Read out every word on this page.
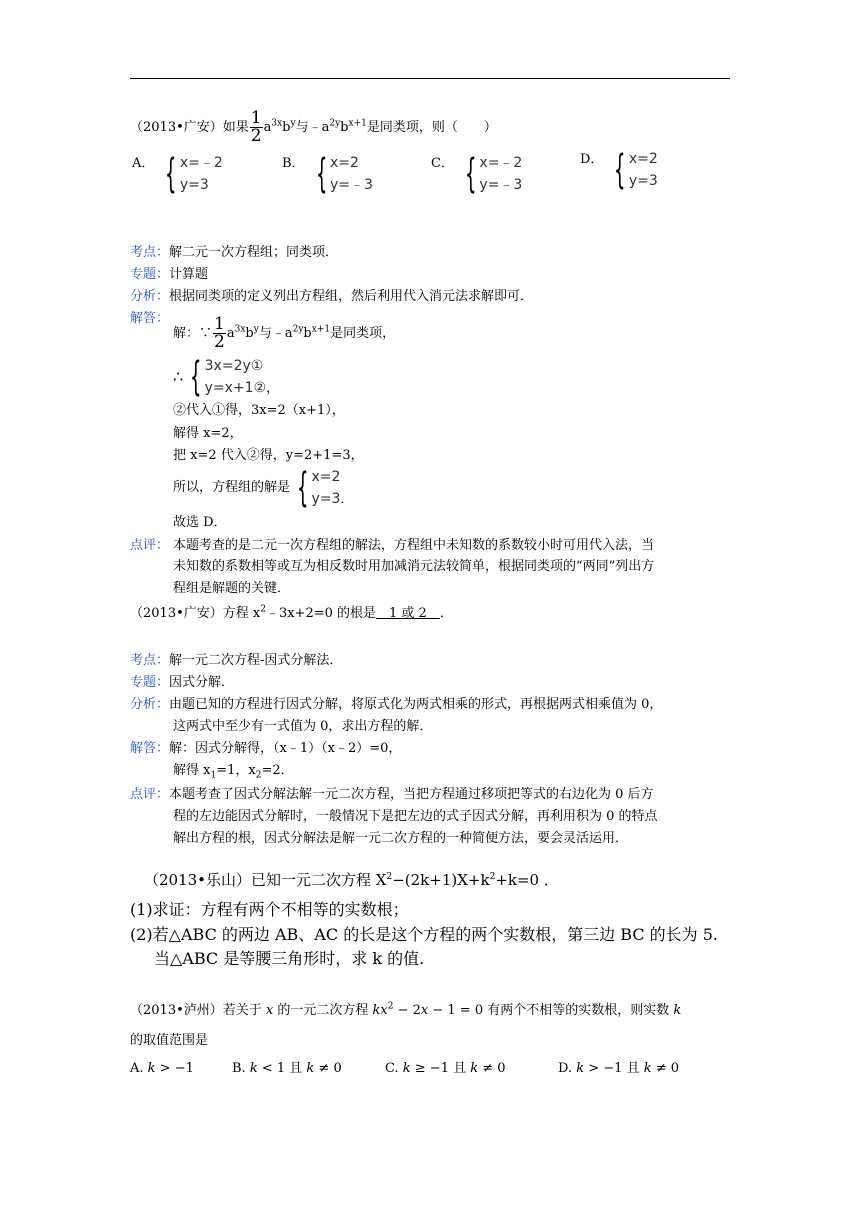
（2013•广安）如果 $\frac{1}{2} a^{3x}b^y$与$﹣a^{2y}b^{x+1}$是同类项，则（　　）
A． { x=﹣2
y=3
B． { x=2
y=﹣3
C． { x=﹣2
y=﹣3
D． { x=2
y=3
考点：解二元一次方程组；同类项．
专题：计算题
分析：根据同类项的定义列出方程组，然后利用代入消元法求解即可．
解答：
解：∵ $\frac{1}{2} a^{3x}b^y$与$﹣a^{2y}b^{x+1}$是同类项，
∴ { 3x=2y①
y=x+1② ，
②代入①得，3x=2（x+1），
解得 x=2，
把 x=2 代入②得，y=2+1=3，
所以，方程组的解是 { x=2
y=3 ．
故选 D．
点评： 本题考查的是二元一次方程组的解法，方程组中未知数的系数较小时可用代入法，当
未知数的系数相等或互为相反数时用加减消元法较简单，根据同类项的“两同”列出方
程组是解题的关键．
（2013•广安）方程 $x^2﹣3x+2=0$ 的根是　1 或 2　．
考点：解一元二次方程-因式分解法．
专题：因式分解．
分析：由题已知的方程进行因式分解，将原式化为两式相乘的形式，再根据两式相乘值为 0，
这两式中至少有一式值为 0，求出方程的解．
解答：解：因式分解得，（x﹣1）（x﹣2）=0，
解得 $x_1=1$，$x_2=2$．
点评：本题考查了因式分解法解一元二次方程，当把方程通过移项把等式的右边化为 0 后方
程的左边能因式分解时，一般情况下是把左边的式子因式分解，再利用积为 0 的特点
解出方程的根，因式分解法是解一元二次方程的一种简便方法，要会灵活运用．
（2013•乐山）已知一元二次方程 $X^2-(2k+1)X+k^2+k=0$ ．
(1)求证：方程有两个不相等的实数根；
(2)若△ABC 的两边 AB、AC 的长是这个方程的两个实数根，第三边 BC 的长为 5.
当△ABC 是等腰三角形时，求 k 的值.
（2013•泸州）若关于 x 的一元二次方程 $kx^2 - 2x - 1 = 0$ 有两个不相等的实数根，则实数 k
的取值范围是
A. k > −1	B. k < 1 且 k ≠ 0	C. k ≥ −1 且 k ≠ 0	D. k > −1 且 k ≠ 0
